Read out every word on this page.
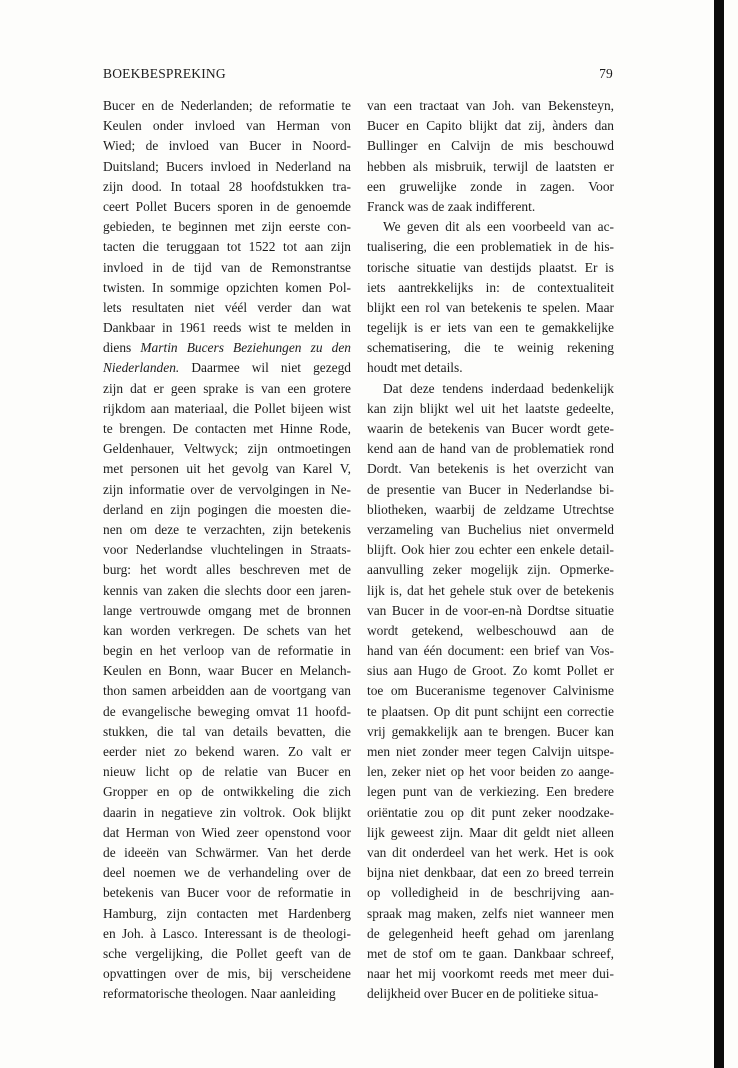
BOEKBESPREKING	79
Bucer en de Nederlanden; de reformatie te
Keulen onder invloed van Herman von
Wied; de invloed van Bucer in Noord-
Duitsland; Bucers invloed in Nederland na
zijn dood. In totaal 28 hoofdstukken tra-
ceert Pollet Bucers sporen in de genoemde
gebieden, te beginnen met zijn eerste con-
tacten die teruggaan tot 1522 tot aan zijn
invloed in de tijd van de Remonstrantse
twisten. In sommige opzichten komen Pol-
lets resultaten niet véél verder dan wat
Dankbaar in 1961 reeds wist te melden in
diens Martin Bucers Beziehungen zu den
Niederlanden. Daarmee wil niet gezegd
zijn dat er geen sprake is van een grotere
rijkdom aan materiaal, die Pollet bijeen wist
te brengen. De contacten met Hinne Rode,
Geldenhauer, Veltwyck; zijn ontmoetingen
met personen uit het gevolg van Karel V,
zijn informatie over de vervolgingen in Ne-
derland en zijn pogingen die moesten die-
nen om deze te verzachten, zijn betekenis
voor Nederlandse vluchtelingen in Straats-
burg: het wordt alles beschreven met de
kennis van zaken die slechts door een jaren-
lange vertrouwde omgang met de bronnen
kan worden verkregen. De schets van het
begin en het verloop van de reformatie in
Keulen en Bonn, waar Bucer en Melanch-
thon samen arbeidden aan de voortgang van
de evangelische beweging omvat 11 hoofd-
stukken, die tal van details bevatten, die
eerder niet zo bekend waren. Zo valt er
nieuw licht op de relatie van Bucer en
Gropper en op de ontwikkeling die zich
daarin in negatieve zin voltrok. Ook blijkt
dat Herman von Wied zeer openstond voor
de ideeën van Schwärmer. Van het derde
deel noemen we de verhandeling over de
betekenis van Bucer voor de reformatie in
Hamburg, zijn contacten met Hardenberg
en Joh. à Lasco. Interessant is de theologi-
sche vergelijking, die Pollet geeft van de
opvattingen over de mis, bij verscheidene
reformatorische theologen. Naar aanleiding
van een tractaat van Joh. van Bekensteyn,
Bucer en Capito blijkt dat zij, ànders dan
Bullinger en Calvijn de mis beschouwd
hebben als misbruik, terwijl de laatsten er
een gruwelijke zonde in zagen. Voor
Franck was de zaak indifferent.
We geven dit als een voorbeeld van ac-
tualisering, die een problematiek in de his-
torische situatie van destijds plaatst. Er is
iets aantrekkelijks in: de contextualiteit
blijkt een rol van betekenis te spelen. Maar
tegelijk is er iets van een te gemakkelijke
schematisering, die te weinig rekening
houdt met details.
Dat deze tendens inderdaad bedenkelijk
kan zijn blijkt wel uit het laatste gedeelte,
waarin de betekenis van Bucer wordt gete-
kend aan de hand van de problematiek rond
Dordt. Van betekenis is het overzicht van
de presentie van Bucer in Nederlandse bi-
bliotheken, waarbij de zeldzame Utrechtse
verzameling van Buchelius niet onvermeld
blijft. Ook hier zou echter een enkele detail-
aanvulling zeker mogelijk zijn. Opmerke-
lijk is, dat het gehele stuk over de betekenis
van Bucer in de voor-en-nà Dordtse situatie
wordt getekend, welbeschouwd aan de
hand van één document: een brief van Vos-
sius aan Hugo de Groot. Zo komt Pollet er
toe om Buceranisme tegenover Calvinisme
te plaatsen. Op dit punt schijnt een correctie
vrij gemakkelijk aan te brengen. Bucer kan
men niet zonder meer tegen Calvijn uitspe-
len, zeker niet op het voor beiden zo aange-
legen punt van de verkiezing. Een bredere
oriëntatie zou op dit punt zeker noodzake-
lijk geweest zijn. Maar dit geldt niet alleen
van dit onderdeel van het werk. Het is ook
bijna niet denkbaar, dat een zo breed terrein
op volledigheid in de beschrijving aan-
spraak mag maken, zelfs niet wanneer men
de gelegenheid heeft gehad om jarenlang
met de stof om te gaan. Dankbaar schreef,
naar het mij voorkomt reeds met meer dui-
delijkheid over Bucer en de politieke situa-
